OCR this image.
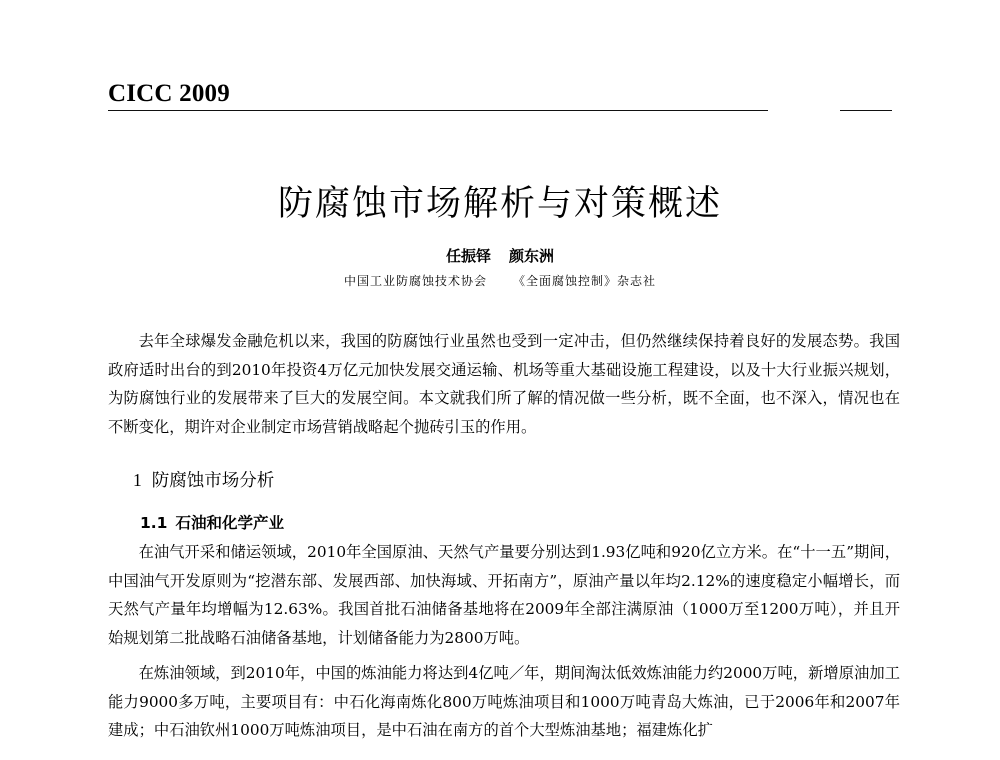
CICC 2009
防腐蚀市场解析与对策概述
任振铎 颜东洲
中国工业防腐蚀技术协会 《全面腐蚀控制》杂志社

去年全球爆发金融危机以来，我国的防腐蚀行业虽然也受到一定冲击，但仍然继续保持着良好的发展态势。我国政府适时出台的到2010年投资4万亿元加快发展交通运输、机场等重大基础设施工程建设，以及十大行业振兴规划，为防腐蚀行业的发展带来了巨大的发展空间。本文就我们所了解的情况做一些分析，既不全面，也不深入，情况也在不断变化，期许对企业制定市场营销战略起个抛砖引玉的作用。

1 防腐蚀市场分析
1.1 石油和化学产业

在油气开采和储运领域，2010年全国原油、天然气产量要分别达到1.93亿吨和920亿立方米。在“十一五”期间，中国油气开发原则为“挖潜东部、发展西部、加快海域、开拓南方”，原油产量以年均2.12%的速度稳定小幅增长，而天然气产量年均增幅为12.63%。我国首批石油储备基地将在2009年全部注满原油（1000万至1200万吨），并且开始规划第二批战略石油储备基地，计划储备能力为2800万吨。

在炼油领域，到2010年，中国的炼油能力将达到4亿吨／年，期间淘汰低效炼油能力约2000万吨，新增原油加工能力9000多万吨，主要项目有：中石化海南炼化800万吨炼油项目和1000万吨青岛大炼油，已于2006年和2007年建成；中石油钦州1000万吨炼油项目，是中石油在南方的首个大型炼油基地；福建炼化扩
